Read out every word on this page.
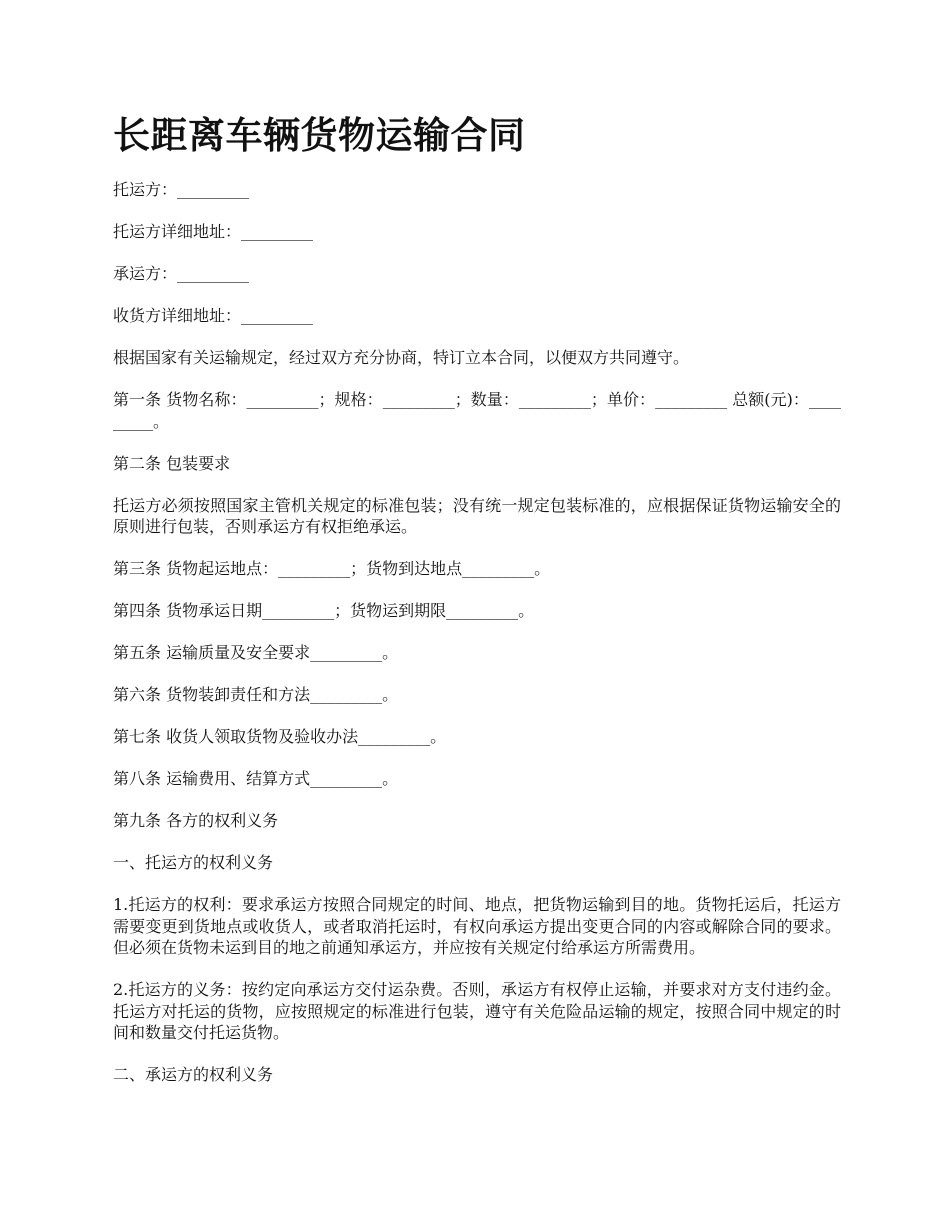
长距离车辆货物运输合同

托运方：_________

托运方详细地址：_________

承运方：_________

收货方详细地址：_________

根据国家有关运输规定，经过双方充分协商，特订立本合同，以便双方共同遵守。

第一条 货物名称：_________；规格：_________；数量：_________；单价：_________ 总额(元)：_________。

第二条 包装要求

托运方必须按照国家主管机关规定的标准包装；没有统一规定包装标准的，应根据保证货物运输安全的原则进行包装，否则承运方有权拒绝承运。

第三条 货物起运地点：_________；货物到达地点_________。

第四条 货物承运日期_________；货物运到期限_________。

第五条 运输质量及安全要求_________。

第六条 货物装卸责任和方法_________。

第七条 收货人领取货物及验收办法_________。

第八条 运输费用、结算方式_________。

第九条 各方的权利义务

一、托运方的权利义务

1.托运方的权利：要求承运方按照合同规定的时间、地点，把货物运输到目的地。货物托运后，托运方需要变更到货地点或收货人，或者取消托运时，有权向承运方提出变更合同的内容或解除合同的要求。但必须在货物未运到目的地之前通知承运方，并应按有关规定付给承运方所需费用。

2.托运方的义务：按约定向承运方交付运杂费。否则，承运方有权停止运输，并要求对方支付违约金。托运方对托运的货物，应按照规定的标准进行包装，遵守有关危险品运输的规定，按照合同中规定的时间和数量交付托运货物。

二、承运方的权利义务
